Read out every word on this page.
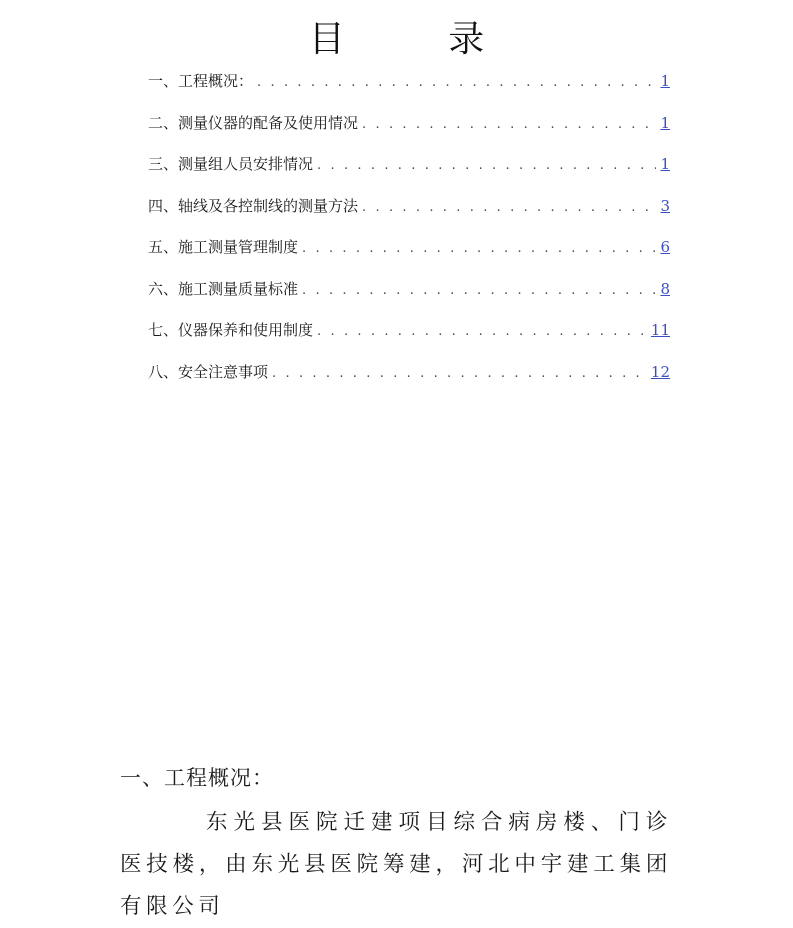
目 录
一、工程概况： . . .	1
二、测量仪器的配备及使用情况 . . .	1
三、测量组人员安排情况 . . .	1
四、轴线及各控制线的测量方法 . . .	3
五、施工测量管理制度 . . .	6
六、施工测量质量标准 . . .	8
七、仪器保养和使用制度 . . .	11
八、安全注意事项 . . .	12
一、工程概况：

东光县医院迁建项目综合病房楼、门诊医技楼，由东光县医院筹建，河北中宇建工集团有限公司
